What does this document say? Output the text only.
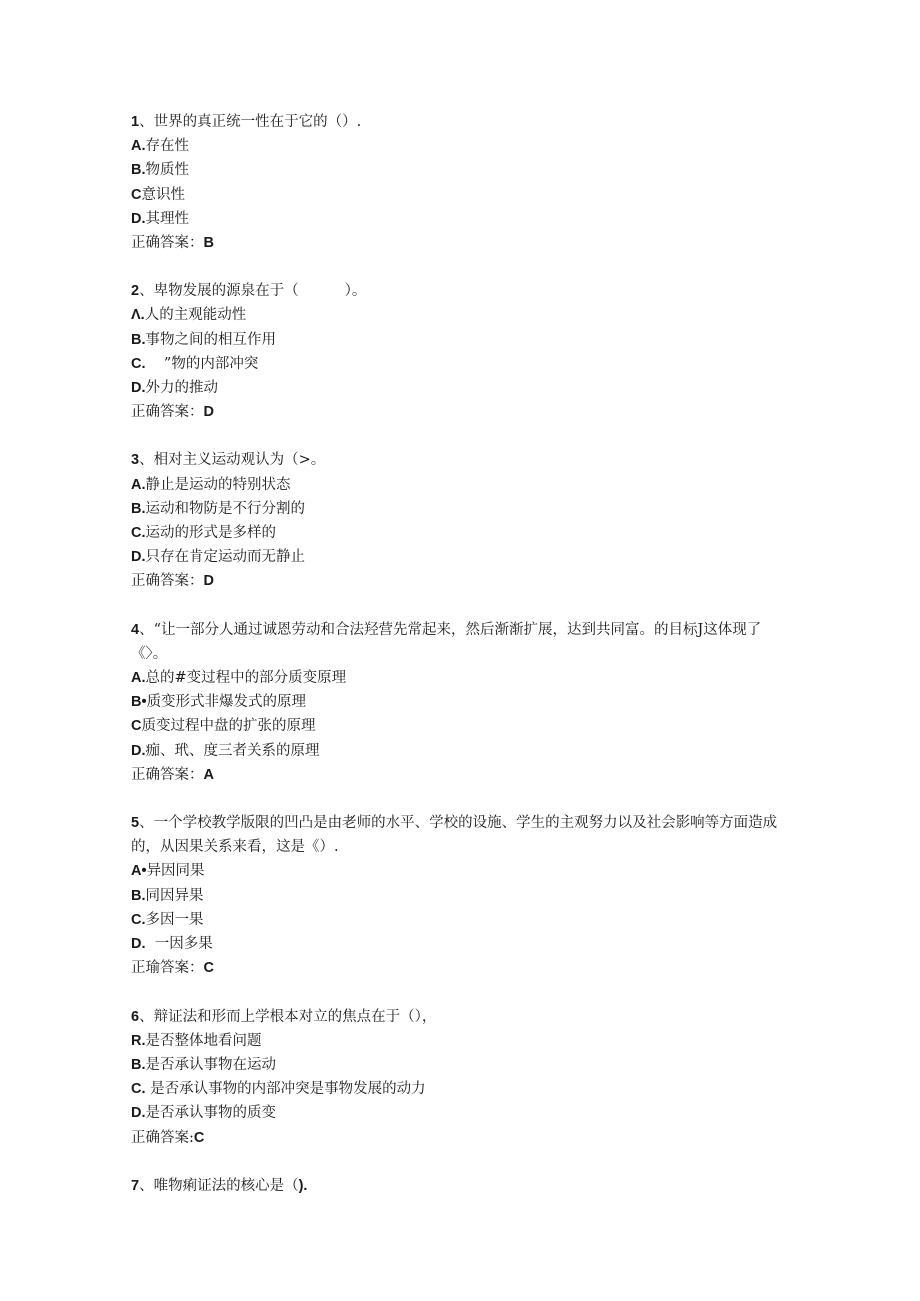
1、世界的真正统一性在于它的（）.
A.存在性
B.物质性
C意识性
D.其理性
正确答案：B
2、卑物发展的源泉在于（          ）。
Λ.人的主观能动性
B.事物之间的相互作用
C.    ”物的内部冲突
D.外力的推动
正确答案：D
3、相对主义运动观认为（>。
A.静止是运动的特别状态
B.运动和物防是不行分割的
C.运动的形式是多样的
D.只存在肯定运动而无静止
正确答案：D
4、“让一部分人通过诚恩劳动和合法羟营先常起来，然后渐渐扩展，达到共同富。的目标J这体现了《〉。
A.总的#变过程中的部分质变原理
B•质变形式非爆发式的原理
C质变过程中盘的扩张的原理
D.痂、玳、度三者关系的原理
正确答案：A
5、一个学校教学版限的凹凸是由老师的水平、学校的设施、学生的主观努力以及社会影响等方面造成的，从因果关系来看，这是《）.
A•异因同果
B.同因异果
C.多因一果
D.  一因多果
正瑜答案：C
6、辩证法和形而上学根本对立的焦点在于（），
R.是否整体地看问题
B.是否承认事物在运动
C. 是否承认事物的内部冲突是事物发展的动力
D.是否承认事物的质变
正确答案:C
7、唯物痢证法的核心是（).
